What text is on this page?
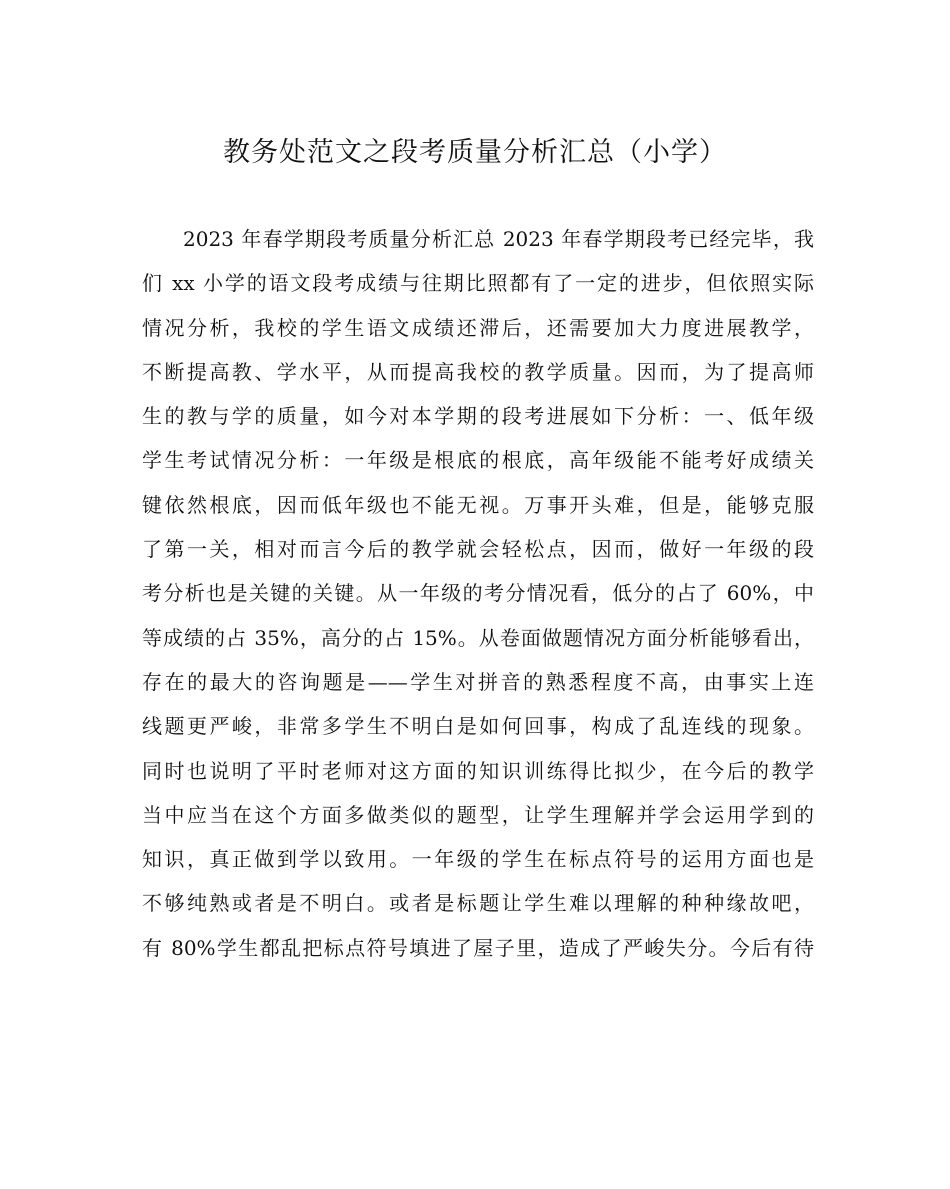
教务处范文之段考质量分析汇总（小学）
2023 年春学期段考质量分析汇总 2023 年春学期段考已经完毕，我
们 xx 小学的语文段考成绩与往期比照都有了一定的进步，但依照实际
情况分析，我校的学生语文成绩还滞后，还需要加大力度进展教学，
不断提高教、学水平，从而提高我校的教学质量。因而，为了提高师
生的教与学的质量，如今对本学期的段考进展如下分析：一、低年级
学生考试情况分析：一年级是根底的根底，高年级能不能考好成绩关
键依然根底，因而低年级也不能无视。万事开头难，但是，能够克服
了第一关，相对而言今后的教学就会轻松点，因而，做好一年级的段
考分析也是关键的关键。从一年级的考分情况看，低分的占了 60%，中
等成绩的占 35%，高分的占 15%。从卷面做题情况方面分析能够看出，
存在的最大的咨询题是——学生对拼音的熟悉程度不高，由事实上连
线题更严峻，非常多学生不明白是如何回事，构成了乱连线的现象。
同时也说明了平时老师对这方面的知识训练得比拟少，在今后的教学
当中应当在这个方面多做类似的题型，让学生理解并学会运用学到的
知识，真正做到学以致用。一年级的学生在标点符号的运用方面也是
不够纯熟或者是不明白。或者是标题让学生难以理解的种种缘故吧，
有 80%学生都乱把标点符号填进了屋子里，造成了严峻失分。今后有待
